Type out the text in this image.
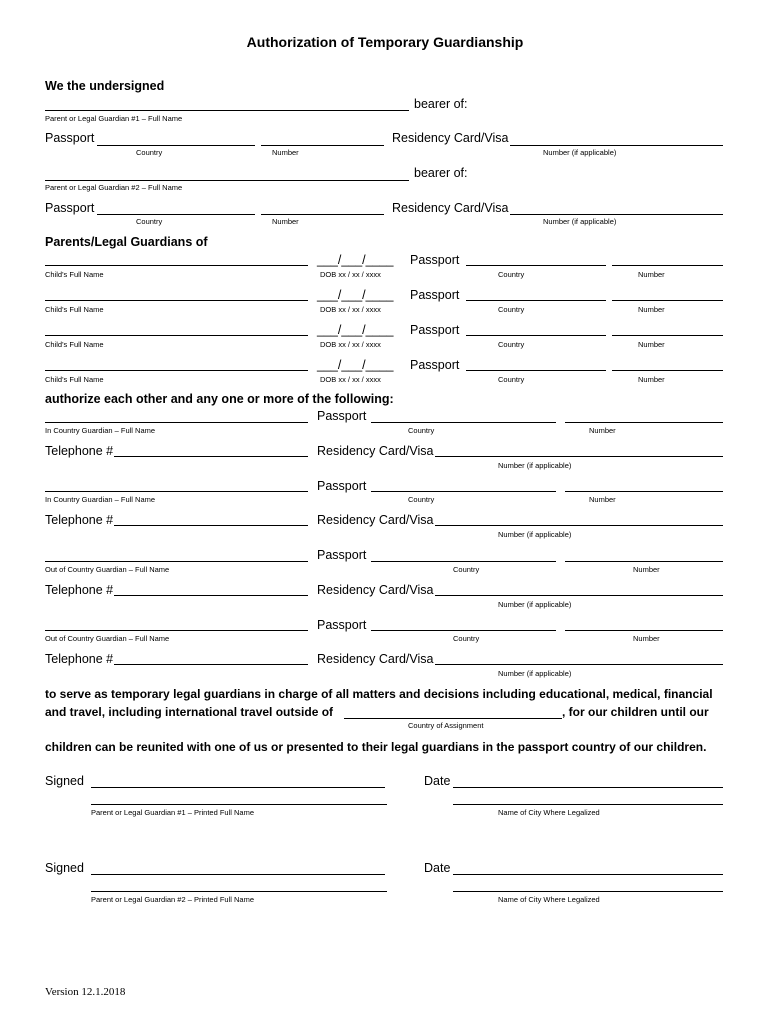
Authorization of Temporary Guardianship
We the undersigned
bearer of:
Parent or Legal Guardian #1 – Full Name
Passport	Residency Card/Visa
Country	Number	Number (if applicable)
bearer of:
Parent or Legal Guardian #2 – Full Name
Passport	Residency Card/Visa
Country	Number	Number (if applicable)
Parents/Legal Guardians of
___/___/____ Passport
Child's Full Name	DOB xx / xx / xxxx	Country	Number
___/___/____ Passport
Child's Full Name	DOB xx / xx / xxxx	Country	Number
___/___/____ Passport
Child's Full Name	DOB xx / xx / xxxx	Country	Number
___/___/____ Passport
Child's Full Name	DOB xx / xx / xxxx	Country	Number
authorize each other and any one or more of the following:
Passport
In Country Guardian – Full Name	Country	Number
Telephone #	Residency Card/Visa
Number (if applicable)
Passport
In Country Guardian – Full Name	Country	Number
Telephone #	Residency Card/Visa
Number (if applicable)
Passport
Out of Country Guardian – Full Name	Country	Number
Telephone #	Residency Card/Visa
Number (if applicable)
Passport
Out of Country Guardian – Full Name	Country	Number
Telephone #	Residency Card/Visa
Number (if applicable)
to serve as temporary legal guardians in charge of all matters and decisions including educational, medical, financial
and travel, including international travel outside of	, for our children until our
Country of Assignment
children can be reunited with one of us or presented to their legal guardians in the passport country of our children.
Signed	Date
Parent or Legal Guardian #1 – Printed Full Name	Name of City Where Legalized
Signed	Date
Parent or Legal Guardian #2 – Printed Full Name	Name of City Where Legalized
Version 12.1.2018
